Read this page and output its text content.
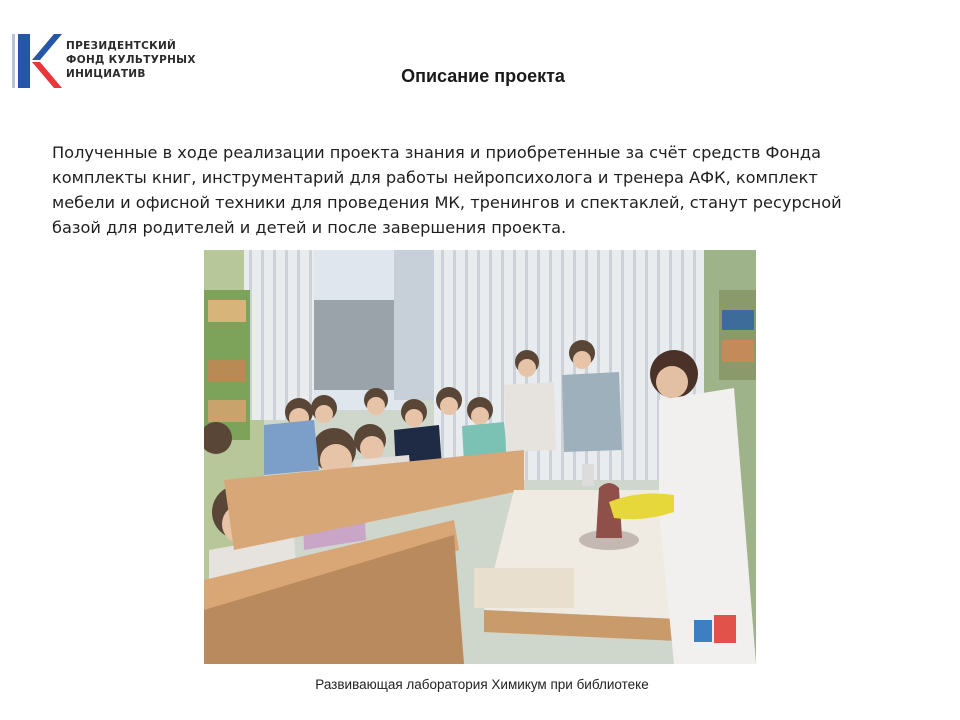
ПРЕЗИДЕНТСКИЙ
ФОНД КУЛЬТУРНЫХ
ИНИЦИАТИВ	Описание проекта
Полученные в ходе реализации проекта знания и приобретенные за счёт средств Фонда
комплекты книг, инструментарий для работы нейропсихолога и тренера АФК, комплект
мебели и офисной техники для проведения МК, тренингов и спектаклей, станут ресурсной
базой для родителей и детей и после завершения проекта.
Развивающая лаборатория Химикум при библиотеке
